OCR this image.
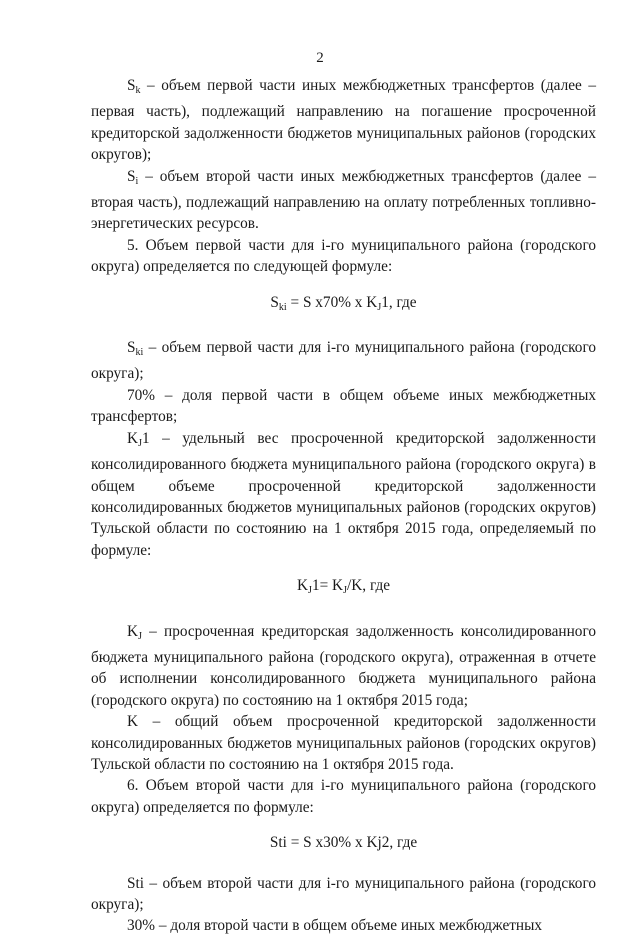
2

$S_k$ – объем первой части иных межбюджетных трансфертов (далее – первая часть), подлежащий направлению на погашение просроченной кредиторской задолженности бюджетов муниципальных районов (городских округов);

$S_i$ – объем второй части иных межбюджетных трансфертов (далее – вторая часть), подлежащий направлению на оплату потребленных топливно-энергетических ресурсов.

5. Объем первой части для i-го муниципального района (городского округа) определяется по следующей формуле:

$S_{ki} = S$ х70% х $K_J1$, где

$S_{ki}$ – объем первой части для i-го муниципального района (городского округа);

70% – доля первой части в общем объеме иных межбюджетных трансфертов;

$K_J1$ – удельный вес просроченной кредиторской задолженности консолидированного бюджета муниципального района (городского округа) в общем объеме просроченной кредиторской задолженности консолидированных бюджетов муниципальных районов (городских округов) Тульской области по состоянию на 1 октября 2015 года, определяемый по формуле:

$K_J1= K_J/K$, где

$K_J$ – просроченная кредиторская задолженность консолидированного бюджета муниципального района (городского округа), отраженная в отчете об исполнении консолидированного бюджета муниципального района (городского округа) по состоянию на 1 октября 2015 года;

K – общий объем просроченной кредиторской задолженности консолидированных бюджетов муниципальных районов (городских округов) Тульской области по состоянию на 1 октября 2015 года.

6. Объем второй части для i-го муниципального района (городского округа) определяется по формуле:

Sti = S х30% х Kj2, где

Sti – объем второй части для i-го муниципального района (городского округа);

30% – доля второй части в общем объеме иных межбюджетных
